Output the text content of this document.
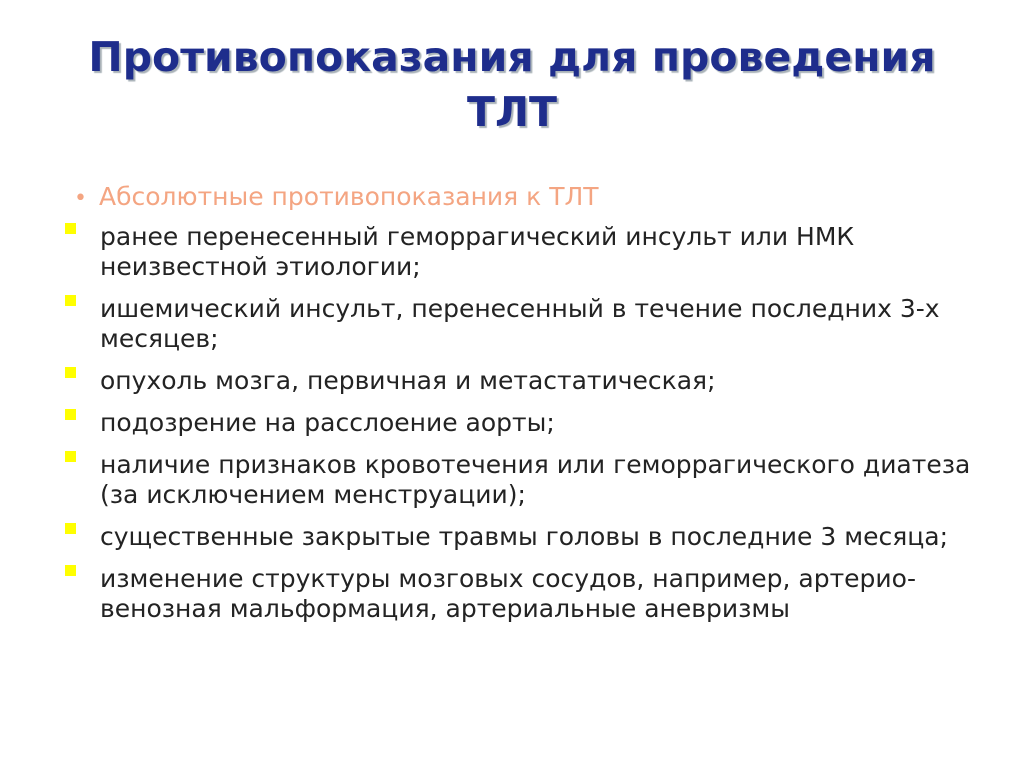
Противопоказания для проведения ТЛТ
• Абсолютные противопоказания к ТЛТ
ранее перенесенный геморрагический инсульт или НМК неизвестной этиологии;
ишемический инсульт, перенесенный в течение последних 3-х месяцев;
опухоль мозга, первичная и метастатическая;
подозрение на расслоение аорты;
наличие признаков кровотечения или геморрагического диатеза (за исключением менструации);
существенные закрытые травмы головы в последние 3 месяца;
изменение структуры мозговых сосудов, например, артерио-венозная мальформация, артериальные аневризмы
